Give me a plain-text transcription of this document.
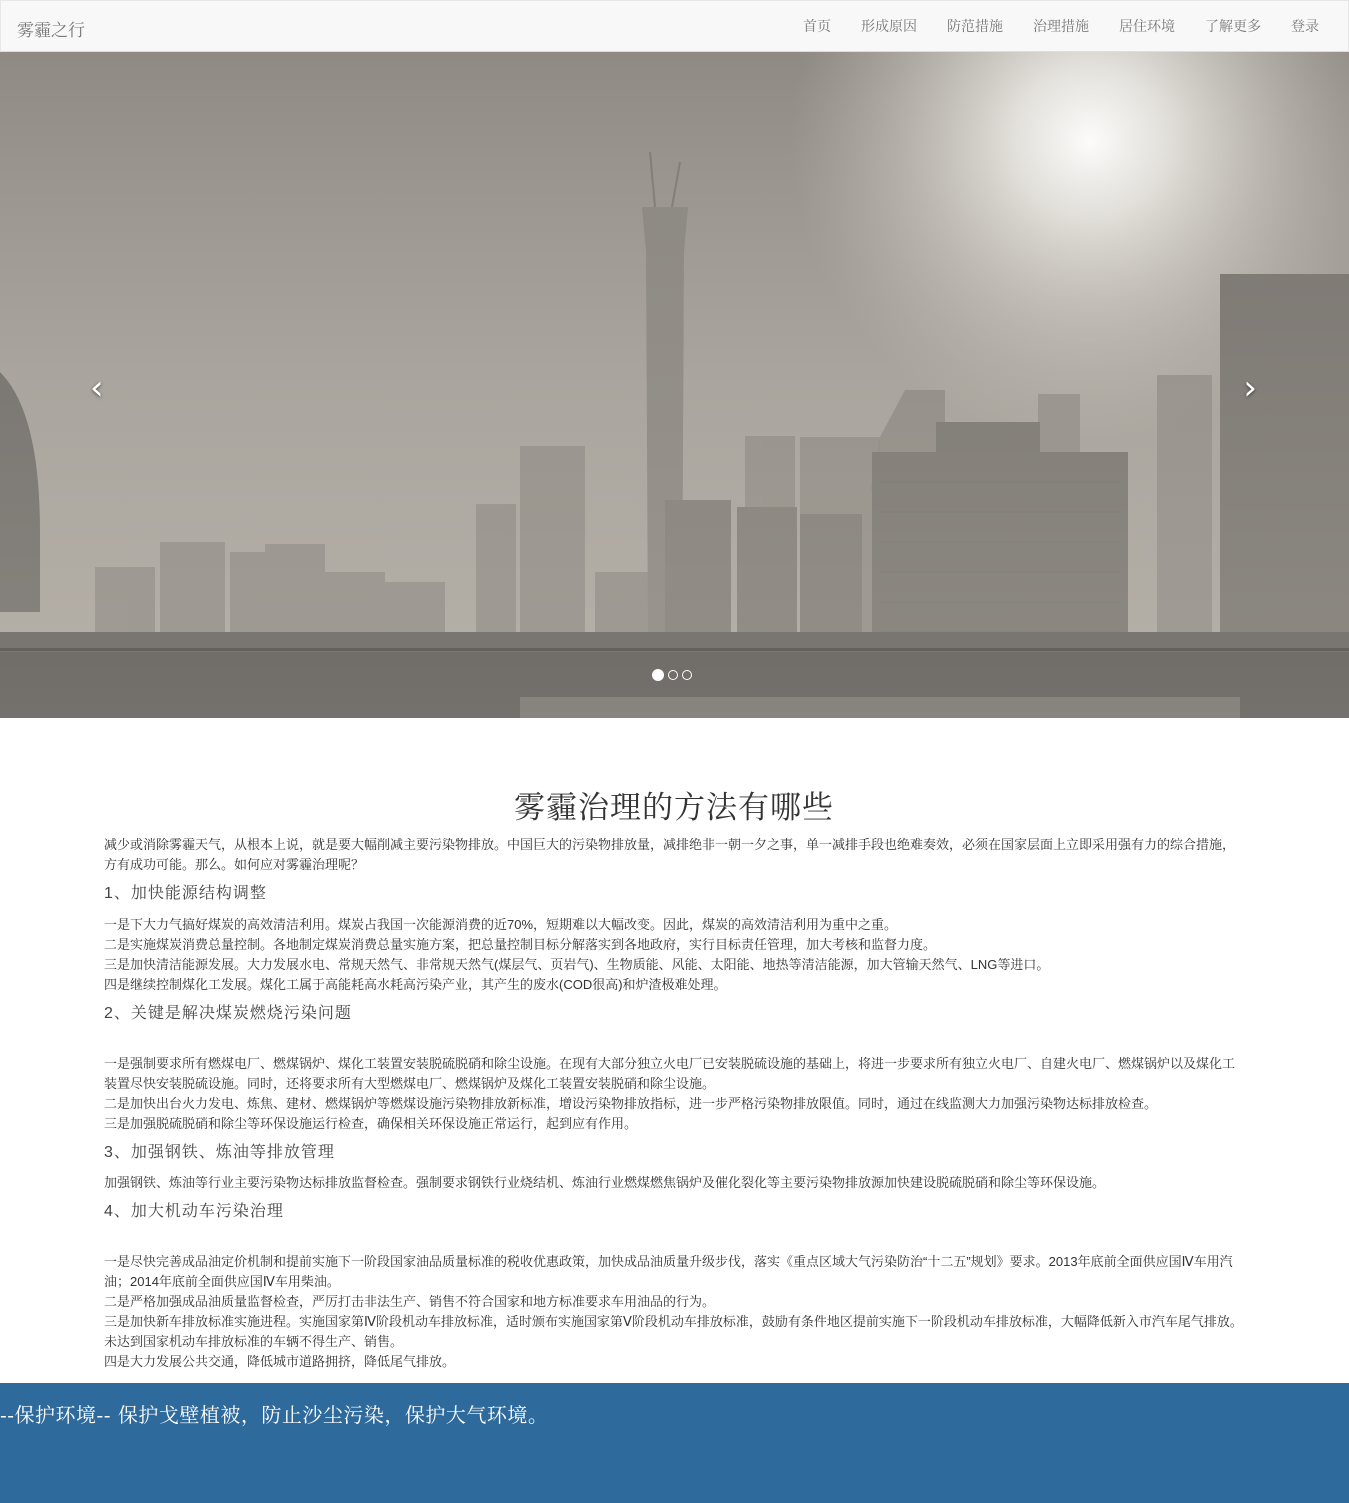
雾霾之行	首页	形成原因	防范措施	治理措施	居住环境	了解更多	登录
‹	›
雾霾治理的方法有哪些

减少或消除雾霾天气，从根本上说，就是要大幅削减主要污染物排放。中国巨大的污染物排放量，减排绝非一朝一夕之事，单一减排手段也绝难奏效，必须在国家层面上立即采用强有力的综合措施，方有成功可能。那么。如何应对雾霾治理呢？

1、加快能源结构调整

一是下大力气搞好煤炭的高效清洁利用。煤炭占我国一次能源消费的近70%，短期难以大幅改变。因此，煤炭的高效清洁利用为重中之重。

二是实施煤炭消费总量控制。各地制定煤炭消费总量实施方案，把总量控制目标分解落实到各地政府，实行目标责任管理，加大考核和监督力度。

三是加快清洁能源发展。大力发展水电、常规天然气、非常规天然气(煤层气、页岩气)、生物质能、风能、太阳能、地热等清洁能源，加大管输天然气、LNG等进口。

四是继续控制煤化工发展。煤化工属于高能耗高水耗高污染产业，其产生的废水(COD很高)和炉渣极难处理。

2、关键是解决煤炭燃烧污染问题

一是强制要求所有燃煤电厂、燃煤锅炉、煤化工装置安装脱硫脱硝和除尘设施。在现有大部分独立火电厂已安装脱硫设施的基础上，将进一步要求所有独立火电厂、自建火电厂、燃煤锅炉以及煤化工装置尽快安装脱硫设施。同时，还将要求所有大型燃煤电厂、燃煤锅炉及煤化工装置安装脱硝和除尘设施。

二是加快出台火力发电、炼焦、建材、燃煤锅炉等燃煤设施污染物排放新标准，增设污染物排放指标，进一步严格污染物排放限值。同时，通过在线监测大力加强污染物达标排放检查。

三是加强脱硫脱硝和除尘等环保设施运行检查，确保相关环保设施正常运行，起到应有作用。

3、加强钢铁、炼油等排放管理

加强钢铁、炼油等行业主要污染物达标排放监督检查。强制要求钢铁行业烧结机、炼油行业燃煤燃焦锅炉及催化裂化等主要污染物排放源加快建设脱硫脱硝和除尘等环保设施。

4、加大机动车污染治理

一是尽快完善成品油定价机制和提前实施下一阶段国家油品质量标准的税收优惠政策，加快成品油质量升级步伐，落实《重点区域大气污染防治“十二五”规划》要求。2013年底前全面供应国Ⅳ车用汽油；2014年底前全面供应国Ⅳ车用柴油。

二是严格加强成品油质量监督检查，严厉打击非法生产、销售不符合国家和地方标准要求车用油品的行为。

三是加快新车排放标准实施进程。实施国家第Ⅳ阶段机动车排放标准，适时颁布实施国家第Ⅴ阶段机动车排放标准，鼓励有条件地区提前实施下一阶段机动车排放标准，大幅降低新入市汽车尾气排放。未达到国家机动车排放标准的车辆不得生产、销售。

四是大力发展公共交通，降低城市道路拥挤，降低尾气排放。

--保护环境-- 保护戈壁植被，防止沙尘污染，保护大气环境。
